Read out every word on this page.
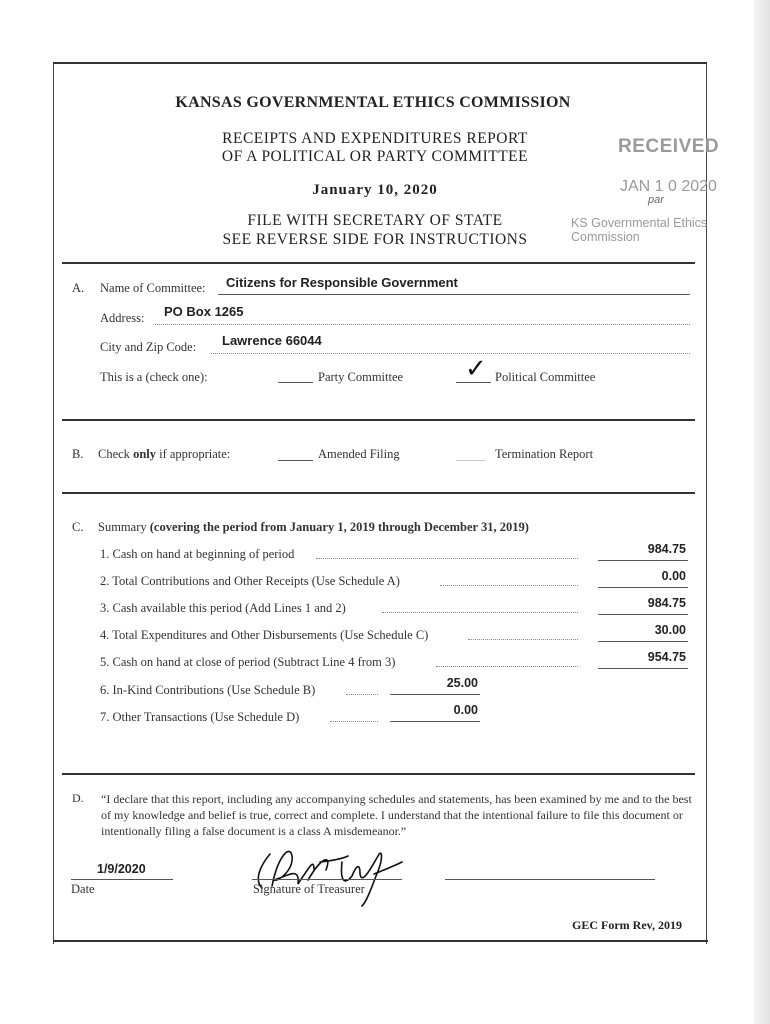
KANSAS GOVERNMENTAL ETHICS COMMISSION
RECEIPTS AND EXPENDITURES REPORT
OF A POLITICAL OR PARTY COMMITTEE
January 10, 2020
FILE WITH SECRETARY OF STATE
SEE REVERSE SIDE FOR INSTRUCTIONS
RECEIVED
JAN 1 0 2020
par
KS Governmental Ethics Commission
A. Name of Committee: Citizens for Responsible Government
Address: PO Box 1265
City and Zip Code: Lawrence 66044
This is a (check one):	Party Committee ✓ Political Committee
B. Check only if appropriate:	Amended Filing	Termination Report
C. Summary (covering the period from January 1, 2019 through December 31, 2019)
1. Cash on hand at beginning of period	984.75
2. Total Contributions and Other Receipts (Use Schedule A)	0.00
3. Cash available this period (Add Lines 1 and 2)	984.75
4. Total Expenditures and Other Disbursements (Use Schedule C)	30.00
5. Cash on hand at close of period (Subtract Line 4 from 3)	954.75
6. In-Kind Contributions (Use Schedule B)	25.00
7. Other Transactions (Use Schedule D)	0.00
D. “I declare that this report, including any accompanying schedules and statements, has been examined by me and to the best of my knowledge and belief is true, correct and complete. I understand that the intentional failure to file this document or intentionally filing a false document is a class A misdemeanor.”
1/9/2020
Date	Signature of Treasurer
GEC Form Rev, 2019
